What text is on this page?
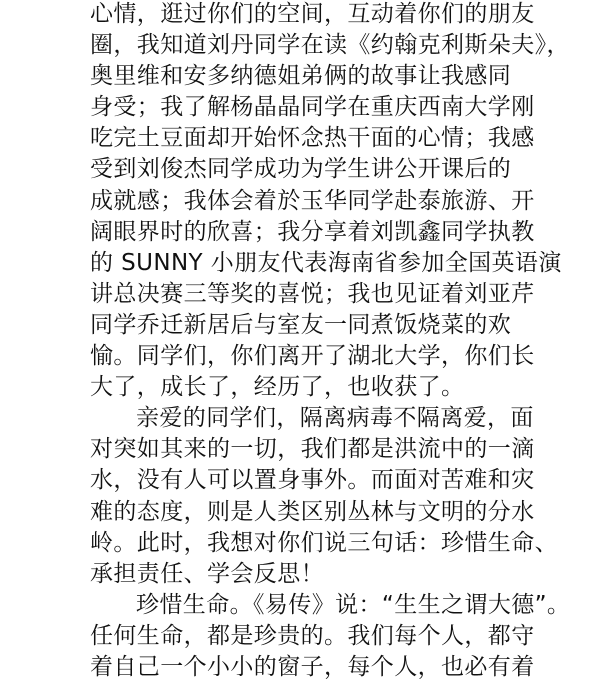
心情，逛过你们的空间，互动着你们的朋友
圈，我知道刘丹同学在读《约翰克利斯朵夫》，
奥里维和安多纳德姐弟俩的故事让我感同
身受；我了解杨晶晶同学在重庆西南大学刚
吃完土豆面却开始怀念热干面的心情；我感
受到刘俊杰同学成功为学生讲公开课后的
成就感；我体会着於玉华同学赴泰旅游、开
阔眼界时的欣喜；我分享着刘凯鑫同学执教
的 SUNNY 小朋友代表海南省参加全国英语演
讲总决赛三等奖的喜悦；我也见证着刘亚芹
同学乔迁新居后与室友一同煮饭烧菜的欢
愉。同学们，你们离开了湖北大学，你们长
大了，成长了，经历了，也收获了。
亲爱的同学们，隔离病毒不隔离爱，面
对突如其来的一切，我们都是洪流中的一滴
水，没有人可以置身事外。而面对苦难和灾
难的态度，则是人类区别丛林与文明的分水
岭。此时，我想对你们说三句话：珍惜生命、
承担责任、学会反思！
珍惜生命。《易传》说：“生生之谓大德”。
任何生命，都是珍贵的。我们每个人，都守
着自己一个小小的窗子，每个人，也必有着
